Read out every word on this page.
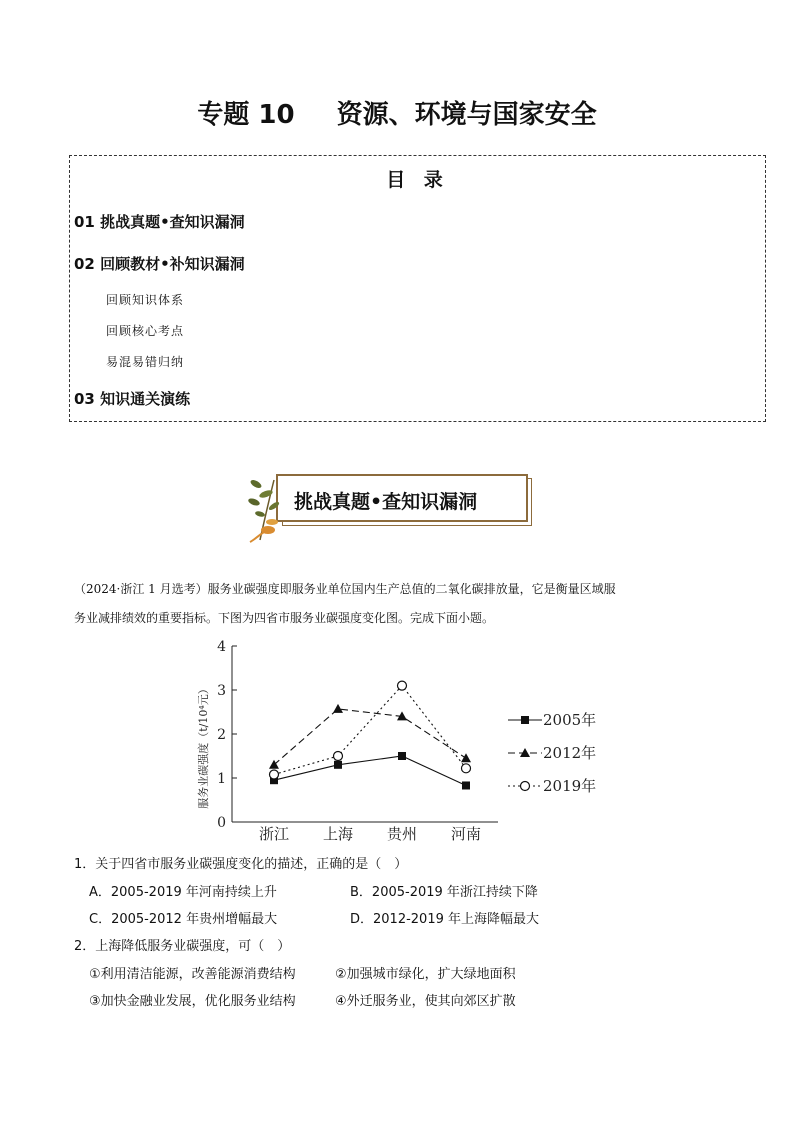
专题 10 资源、环境与国家安全
目 录
01 挑战真题•查知识漏洞
02 回顾教材•补知识漏洞
回顾知识体系
回顾核心考点
易混易错归纳
03 知识通关演练
挑战真题•查知识漏洞
（2024·浙江 1 月选考）服务业碳强度即服务业单位国内生产总值的二氧化碳排放量，它是衡量区域服
务业减排绩效的重要指标。下图为四省市服务业碳强度变化图。完成下面小题。
0
1
2
3
4
浙江 上海 贵州 河南
2005年
2012年
2019年
服务业碳强度（t/10⁴元）
1．关于四省市服务业碳强度变化的描述，正确的是（　）
A．2005-2019 年河南持续上升	B．2005-2019 年浙江持续下降
C．2005-2012 年贵州增幅最大	D．2012-2019 年上海降幅最大
2．上海降低服务业碳强度，可（　）
①利用清洁能源，改善能源消费结构	②加强城市绿化，扩大绿地面积
③加快金融业发展，优化服务业结构	④外迁服务业，使其向郊区扩散
